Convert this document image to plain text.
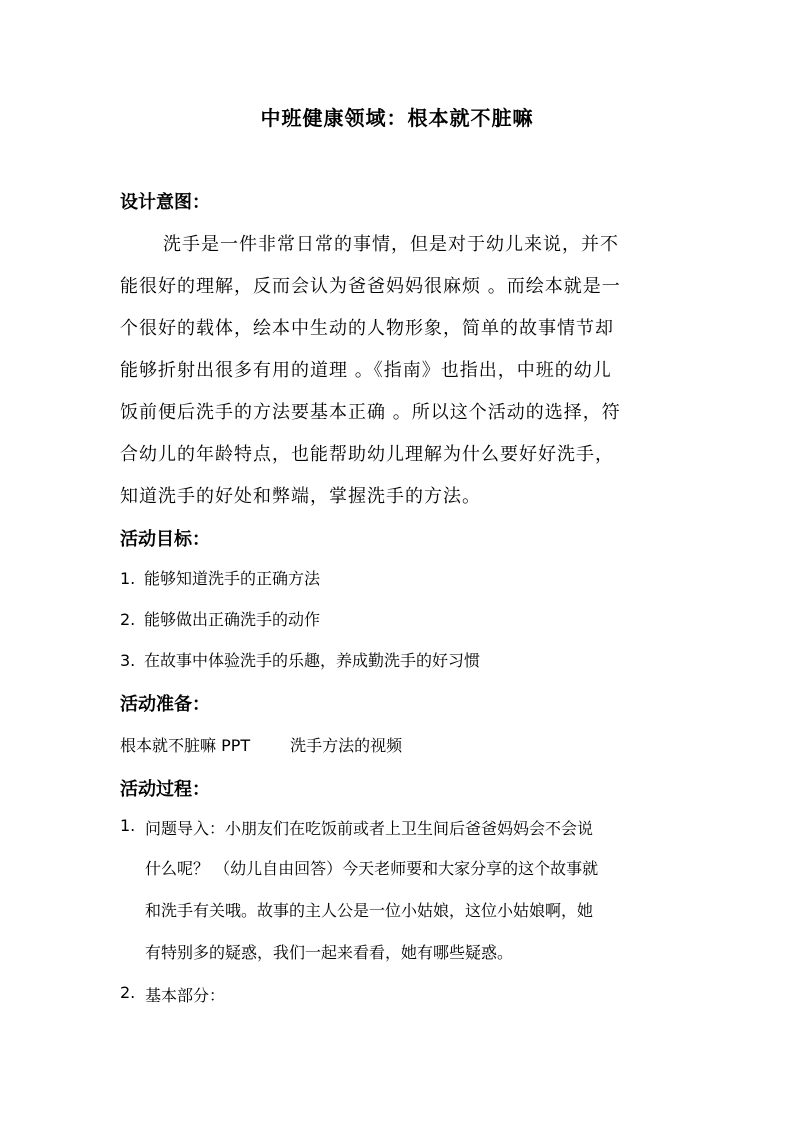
中班健康领域：根本就不脏嘛
设计意图：
洗手是一件非常日常的事情，但是对于幼儿来说，并不
能很好的理解，反而会认为爸爸妈妈很麻烦 。而绘本就是一
个很好的载体，绘本中生动的人物形象，简单的故事情节却
能够折射出很多有用的道理 。《指南》也指出，中班的幼儿
饭前便后洗手的方法要基本正确 。所以这个活动的选择，符
合幼儿的年龄特点，也能帮助幼儿理解为什么要好好洗手，
知道洗手的好处和弊端，掌握洗手的方法。
活动目标：
1. 能够知道洗手的正确方法
2. 能够做出正确洗手的动作
3. 在故事中体验洗手的乐趣，养成勤洗手的好习惯
活动准备：
根本就不脏嘛 PPT	洗手方法的视频
活动过程：
1. 问题导入：小朋友们在吃饭前或者上卫生间后爸爸妈妈会不会说
什么呢？ （幼儿自由回答）今天老师要和大家分享的这个故事就
和洗手有关哦。故事的主人公是一位小姑娘，这位小姑娘啊，她
有特别多的疑惑，我们一起来看看，她有哪些疑惑。
2. 基本部分：
